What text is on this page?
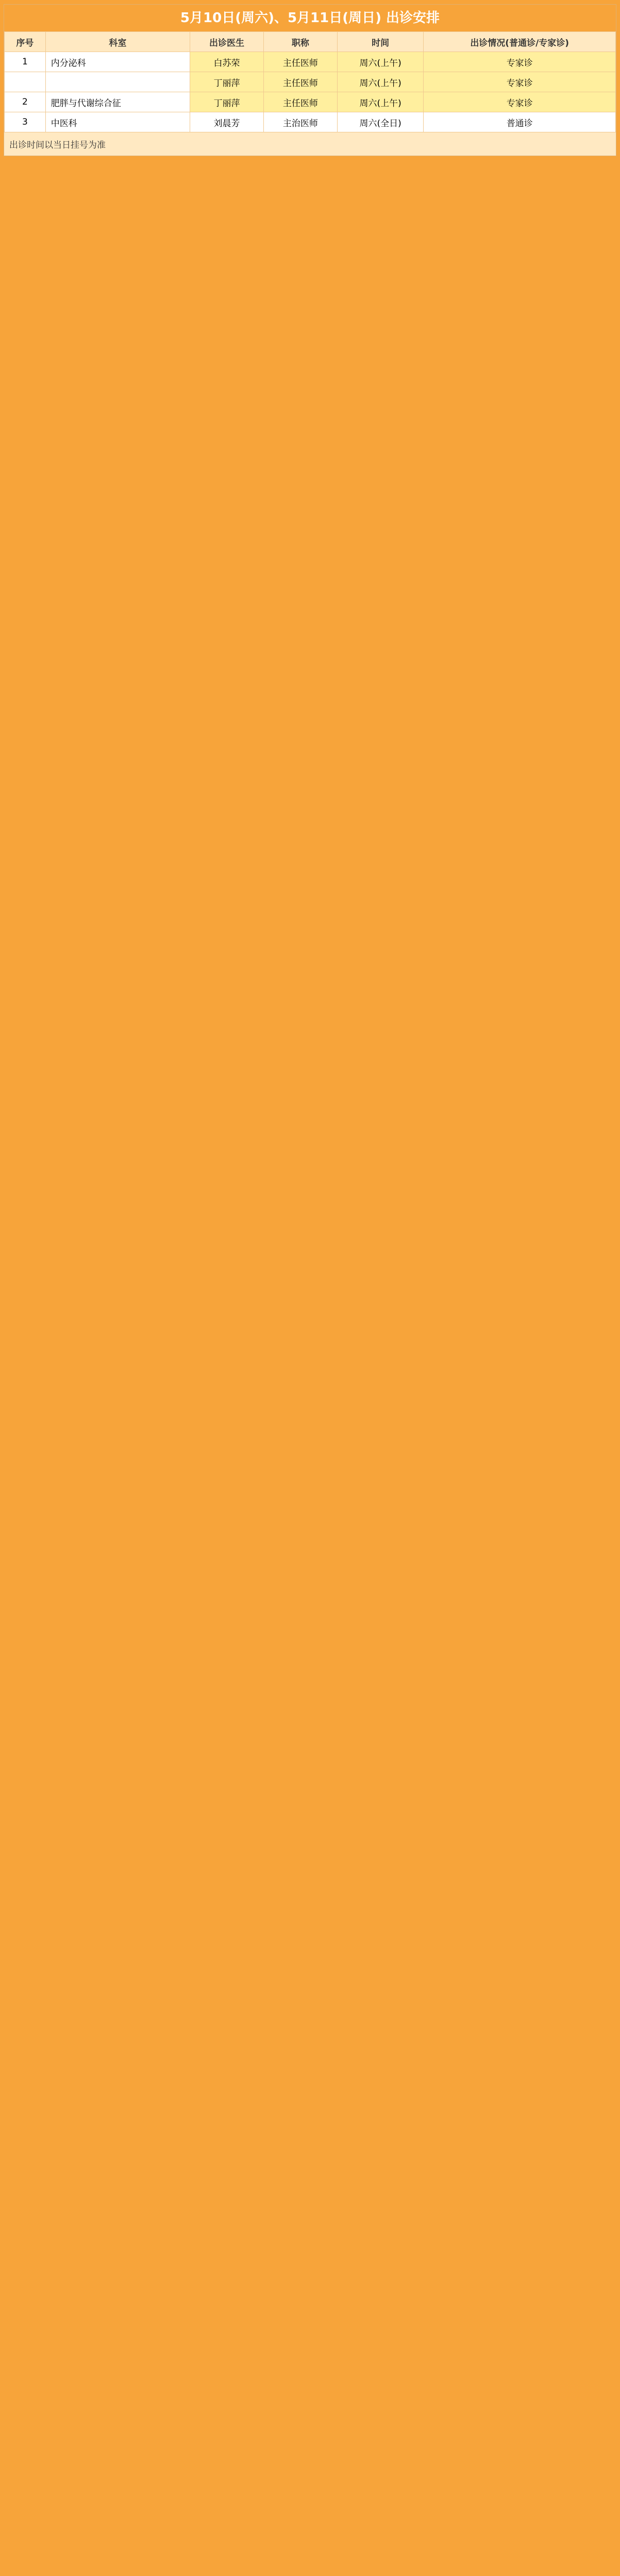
5月10日(周六)、5月11日(周日) 出诊安排
序号	科室	出诊医生	职称	时间	出诊情况(普通诊/专家诊)
1	内分泌科	白苏荣	主任医师	周六(上午)	专家诊
		丁丽萍	主任医师	周六(上午)	专家诊
2	肥胖与代谢综合征	丁丽萍	主任医师	周六(上午)	专家诊
3	中医科	刘晨芳	主治医师	周六(全日)	普通诊
出诊时间以当日挂号为准
